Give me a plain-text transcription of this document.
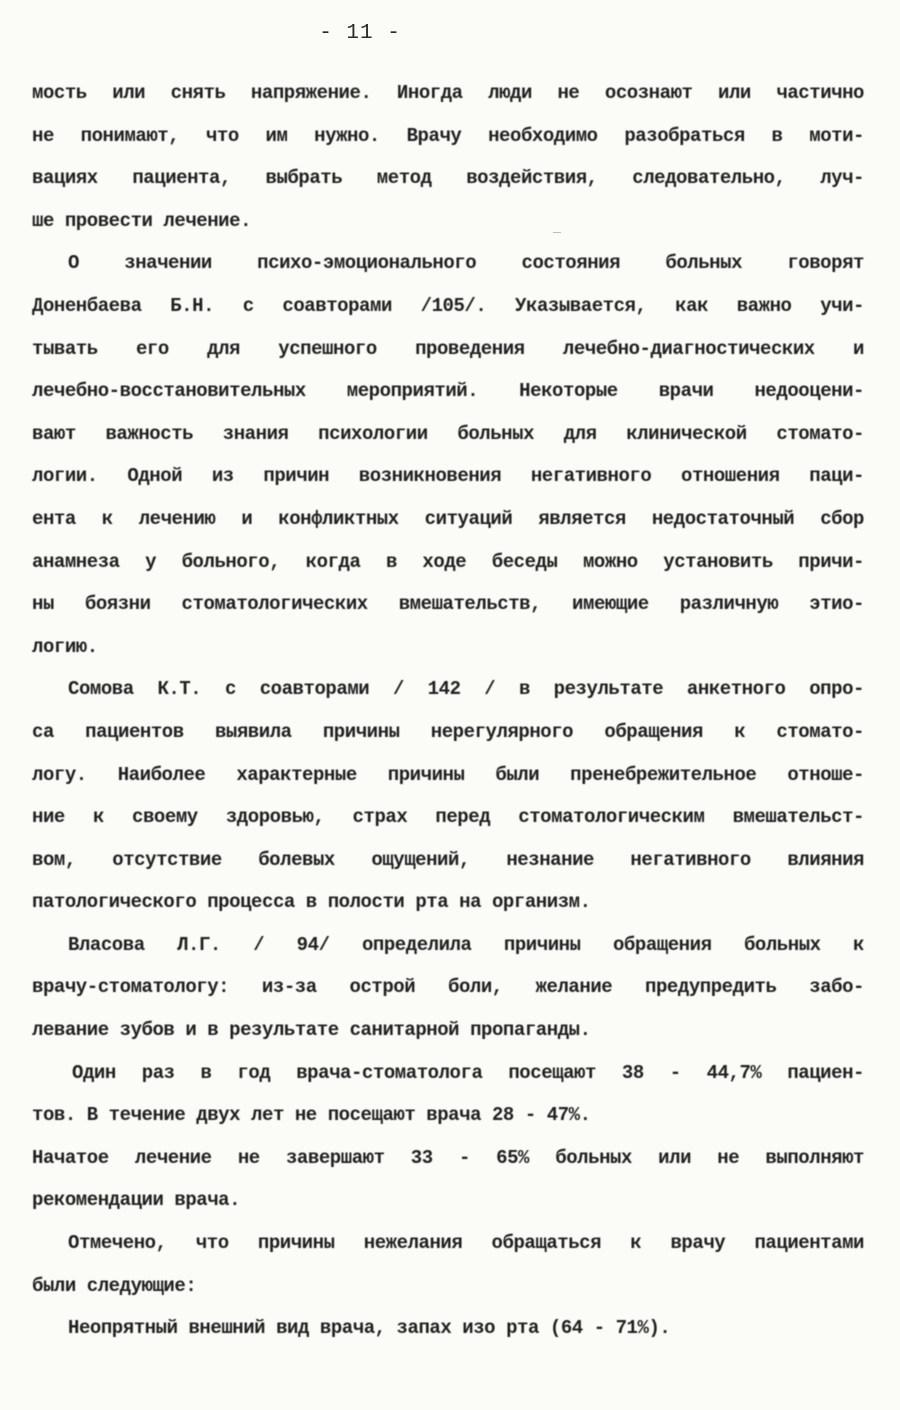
- 11 -
мость или снять напряжение. Иногда люди не осознают или частично
не понимают, что им нужно. Врачу необходимо разобраться в моти-
вациях пациента, выбрать метод воздействия, следовательно, луч-
ше провести лечение.
О значении психо-эмоционального состояния больных говорят
Доненбаева Б.Н. с соавторами /105/. Указывается, как важно учи-
тывать его для успешного проведения лечебно-диагностических и
лечебно-восстановительных мероприятий. Некоторые врачи недооцени-
вают важность знания психологии больных для клинической стомато-
логии. Одной из причин возникновения негативного отношения паци-
ента к лечению и конфликтных ситуаций является недостаточный сбор
анамнеза у больного, когда в ходе беседы можно установить причи-
ны боязни стоматологических вмешательств, имеющие различную этио-
логию.
Сомова К.Т. с соавторами / 142 / в результате анкетного опро-
са пациентов выявила причины нерегулярного обращения к стомато-
логу. Наиболее характерные причины были пренебрежительное отноше-
ние к своему здоровью, страх перед стоматологическим вмешательст-
вом, отсутствие болевых ощущений, незнание негативного влияния
патологического процесса в полости рта на организм.
Власова Л.Г. / 94/ определила причины обращения больных к
врачу-стоматологу: из-за острой боли, желание предупредить забо-
левание зубов и в результате санитарной пропаганды.
Один раз в год врача-стоматолога посещают 38 - 44,7% пациен-
тов. В течение двух лет не посещают врача 28 - 47%.
Начатое лечение не завершают 33 - 65% больных или не выполняют
рекомендации врача.
Отмечено, что причины нежелания обращаться к врачу пациентами
были следующие:
Неопрятный внешний вид врача, запах изо рта (64 - 71%).
